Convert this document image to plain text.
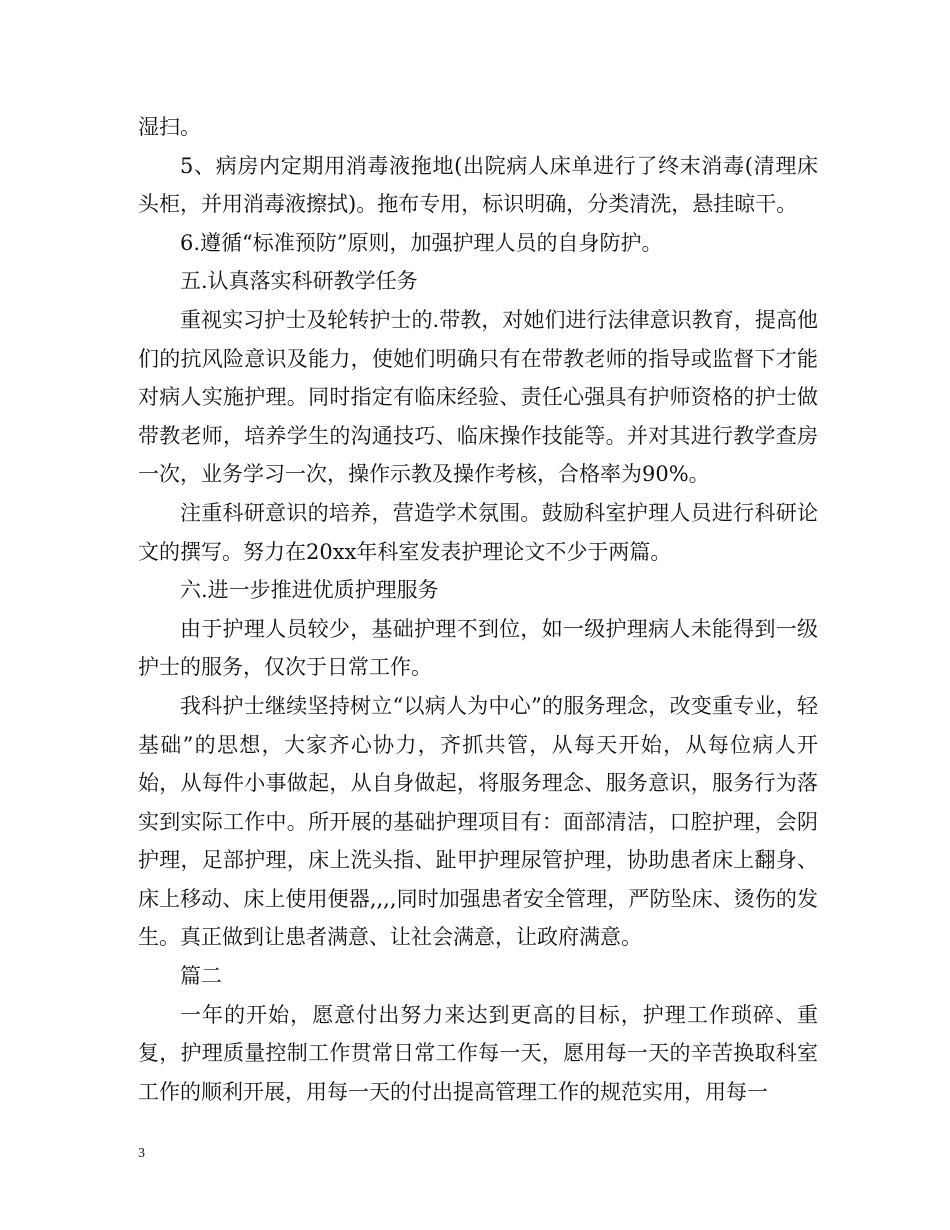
湿扫。

5、病房内定期用消毒液拖地(出院病人床单进行了终末消毒(清理床头柜，并用消毒液擦拭)。拖布专用，标识明确，分类清洗，悬挂晾干。

6.遵循“标准预防”原则，加强护理人员的自身防护。

五.认真落实科研教学任务

重视实习护士及轮转护士的.带教，对她们进行法律意识教育，提高他们的抗风险意识及能力，使她们明确只有在带教老师的指导或监督下才能对病人实施护理。同时指定有临床经验、责任心强具有护师资格的护士做带教老师，培养学生的沟通技巧、临床操作技能等。并对其进行教学查房一次，业务学习一次，操作示教及操作考核，合格率为90%。

注重科研意识的培养，营造学术氛围。鼓励科室护理人员进行科研论文的撰写。努力在20xx年科室发表护理论文不少于两篇。

六.进一步推进优质护理服务

由于护理人员较少，基础护理不到位，如一级护理病人未能得到一级护士的服务，仅次于日常工作。

我科护士继续坚持树立“以病人为中心”的服务理念，改变重专业，轻基础”的思想，大家齐心协力，齐抓共管，从每天开始，从每位病人开始，从每件小事做起，从自身做起，将服务理念、服务意识，服务行为落实到实际工作中。所开展的基础护理项目有：面部清洁，口腔护理，会阴护理，足部护理，床上洗头指、趾甲护理尿管护理，协助患者床上翻身、床上移动、床上使用便器,,,,同时加强患者安全管理，严防坠床、烫伤的发生。真正做到让患者满意、让社会满意，让政府满意。

篇二

一年的开始，愿意付出努力来达到更高的目标，护理工作琐碎、重复，护理质量控制工作贯常日常工作每一天，愿用每一天的辛苦换取科室工作的顺利开展，用每一天的付出提高管理工作的规范实用，用每一

3
